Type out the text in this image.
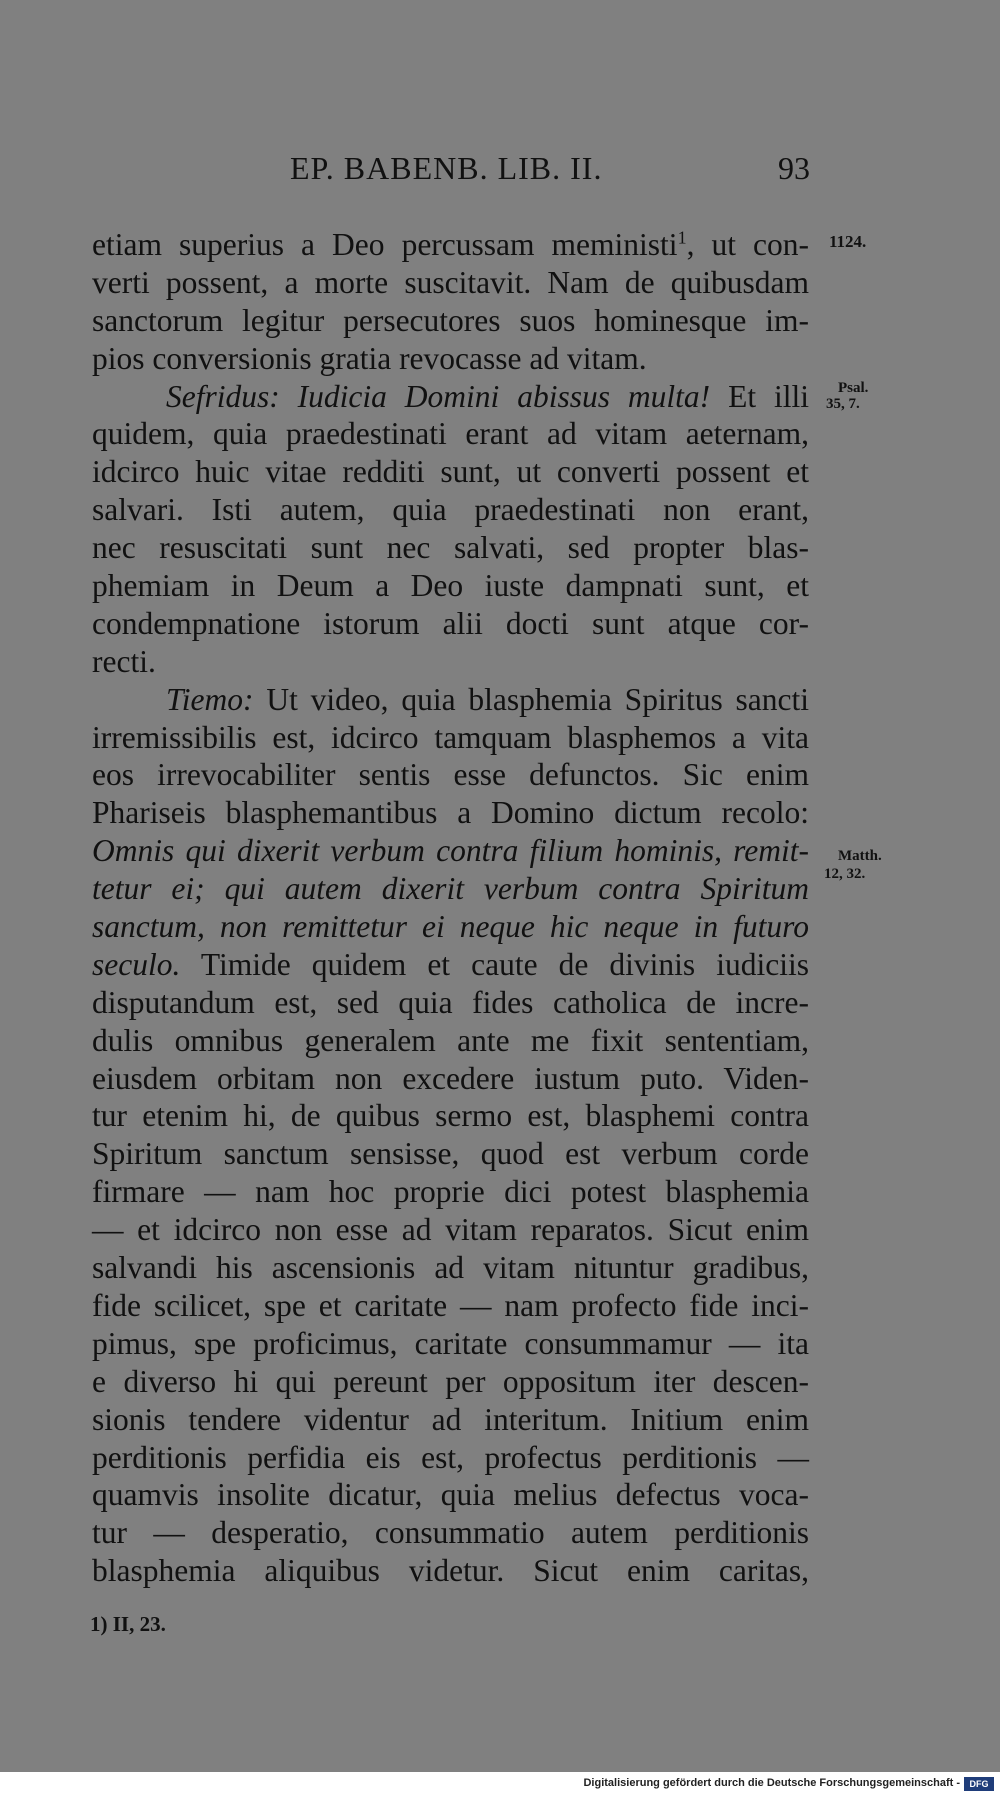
EP. BABENB. LIB. II.	93
etiam superius a Deo percussam meministi$^1$, ut con-
verti possent, a morte suscitavit. Nam de quibusdam
sanctorum legitur persecutores suos hominesque im-
pios conversionis gratia revocasse ad vitam.
Sefridus: Iudicia Domini abissus multa! Et illi
quidem, quia praedestinati erant ad vitam aeternam,
idcirco huic vitae redditi sunt, ut converti possent et
salvari. Isti autem, quia praedestinati non erant,
nec resuscitati sunt nec salvati, sed propter blas-
phemiam in Deum a Deo iuste dampnati sunt, et
condempnatione istorum alii docti sunt atque cor-
recti.
Tiemo: Ut video, quia blasphemia Spiritus sancti
irremissibilis est, idcirco tamquam blasphemos a vita
eos irrevocabiliter sentis esse defunctos. Sic enim
Phariseis blasphemantibus a Domino dictum recolo:
Omnis qui dixerit verbum contra filium hominis, remit-
tetur ei; qui autem dixerit verbum contra Spiritum
sanctum, non remittetur ei neque hic neque in futuro
seculo. Timide quidem et caute de divinis iudiciis
disputandum est, sed quia fides catholica de incre-
dulis omnibus generalem ante me fixit sententiam,
eiusdem orbitam non excedere iustum puto. Viden-
tur etenim hi, de quibus sermo est, blasphemi contra
Spiritum sanctum sensisse, quod est verbum corde
firmare — nam hoc proprie dici potest blasphemia
— et idcirco non esse ad vitam reparatos. Sicut enim
salvandi his ascensionis ad vitam nituntur gradibus,
fide scilicet, spe et caritate — nam profecto fide inci-
pimus, spe proficimus, caritate consummamur — ita
e diverso hi qui pereunt per oppositum iter descen-
sionis tendere videntur ad interitum. Initium enim
perditionis perfidia eis est, profectus perditionis —
quamvis insolite dicatur, quia melius defectus voca-
tur — desperatio, consummatio autem perditionis
blasphemia aliquibus videtur. Sicut enim caritas,
1124.
Psal.
35, 7.
Matth.
12, 32.
1) II, 23.
Digitalisierung gefördert durch die Deutsche Forschungsgemeinschaft -	DFG
